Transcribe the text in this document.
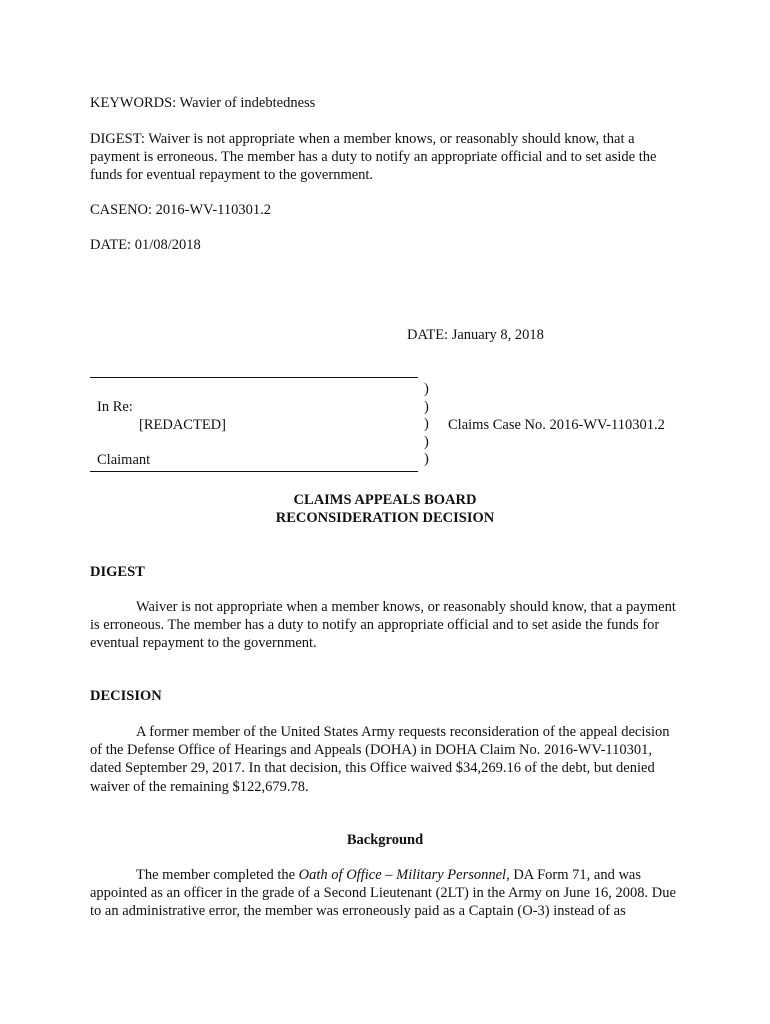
KEYWORDS: Wavier of indebtedness
DIGEST: Waiver is not appropriate when a member knows, or reasonably should know, that a payment is erroneous. The member has a duty to notify an appropriate official and to set aside the funds for eventual repayment to the government.
CASENO: 2016-WV-110301.2
DATE: 01/08/2018
DATE: January 8, 2018
In Re:
[REDACTED]
Claimant
)
)
)
)
)
Claims Case No. 2016-WV-110301.2
CLAIMS APPEALS BOARD
RECONSIDERATION DECISION
DIGEST
Waiver is not appropriate when a member knows, or reasonably should know, that a payment is erroneous. The member has a duty to notify an appropriate official and to set aside the funds for eventual repayment to the government.
DECISION
A former member of the United States Army requests reconsideration of the appeal decision of the Defense Office of Hearings and Appeals (DOHA) in DOHA Claim No. 2016-WV-110301, dated September 29, 2017. In that decision, this Office waived $34,269.16 of the debt, but denied waiver of the remaining $122,679.78.
Background
The member completed the Oath of Office – Military Personnel, DA Form 71, and was appointed as an officer in the grade of a Second Lieutenant (2LT) in the Army on June 16, 2008. Due to an administrative error, the member was erroneously paid as a Captain (O-3) instead of as
